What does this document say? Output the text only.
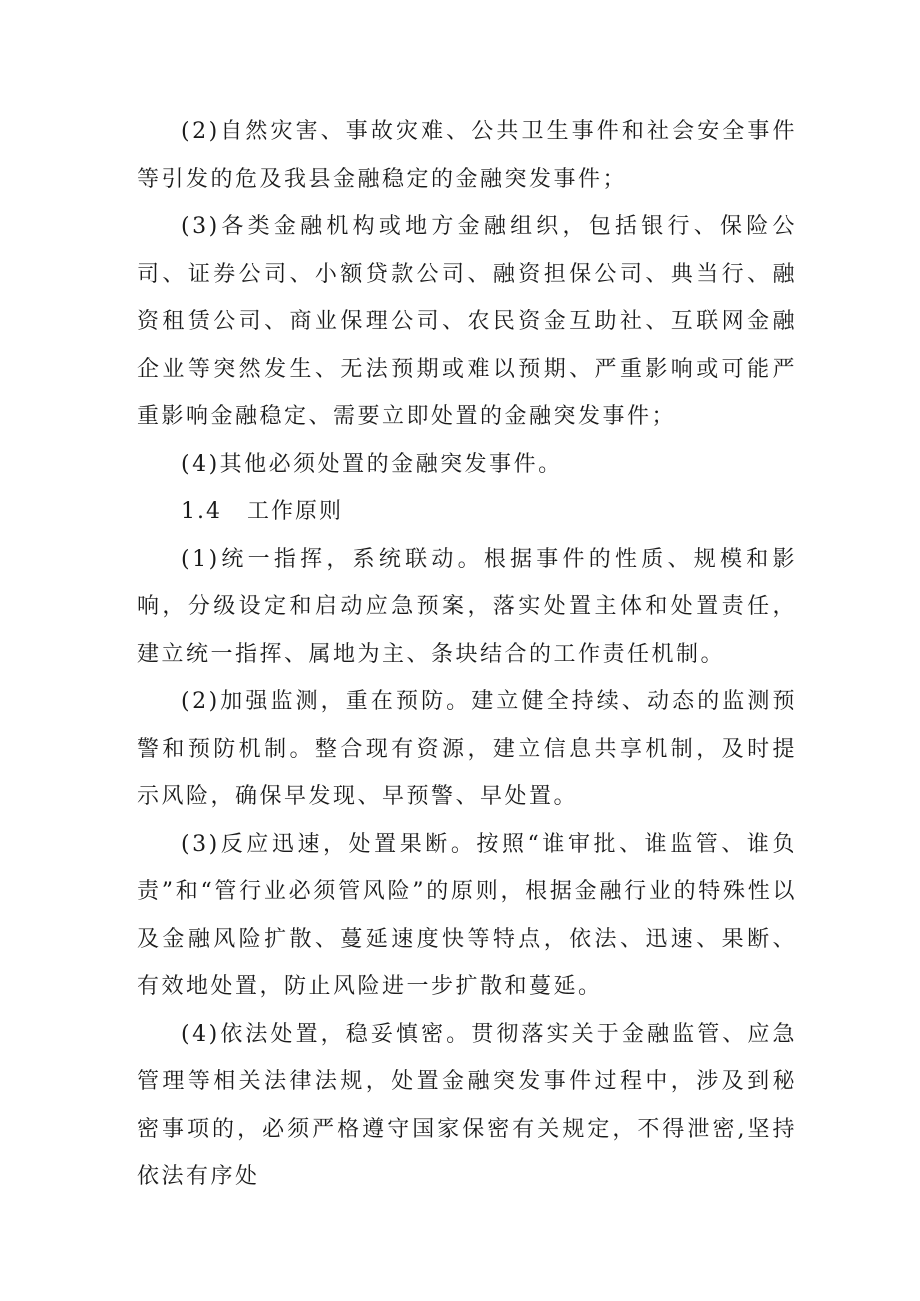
(2)自然灾害、事故灾难、公共卫生事件和社会安全事件等引发的危及我县金融稳定的金融突发事件；

(3)各类金融机构或地方金融组织，包括银行、保险公司、证券公司、小额贷款公司、融资担保公司、典当行、融资租赁公司、商业保理公司、农民资金互助社、互联网金融企业等突然发生、无法预期或难以预期、严重影响或可能严重影响金融稳定、需要立即处置的金融突发事件；

(4)其他必须处置的金融突发事件。

1.4 工作原则

(1)统一指挥，系统联动。根据事件的性质、规模和影响，分级设定和启动应急预案，落实处置主体和处置责任，建立统一指挥、属地为主、条块结合的工作责任机制。

(2)加强监测，重在预防。建立健全持续、动态的监测预警和预防机制。整合现有资源，建立信息共享机制，及时提示风险，确保早发现、早预警、早处置。

(3)反应迅速，处置果断。按照“谁审批、谁监管、谁负责”和“管行业必须管风险”的原则，根据金融行业的特殊性以及金融风险扩散、蔓延速度快等特点，依法、迅速、果断、有效地处置，防止风险进一步扩散和蔓延。

(4)依法处置，稳妥慎密。贯彻落实关于金融监管、应急管理等相关法律法规，处置金融突发事件过程中，涉及到秘密事项的，必须严格遵守国家保密有关规定，不得泄密,坚持依法有序处
